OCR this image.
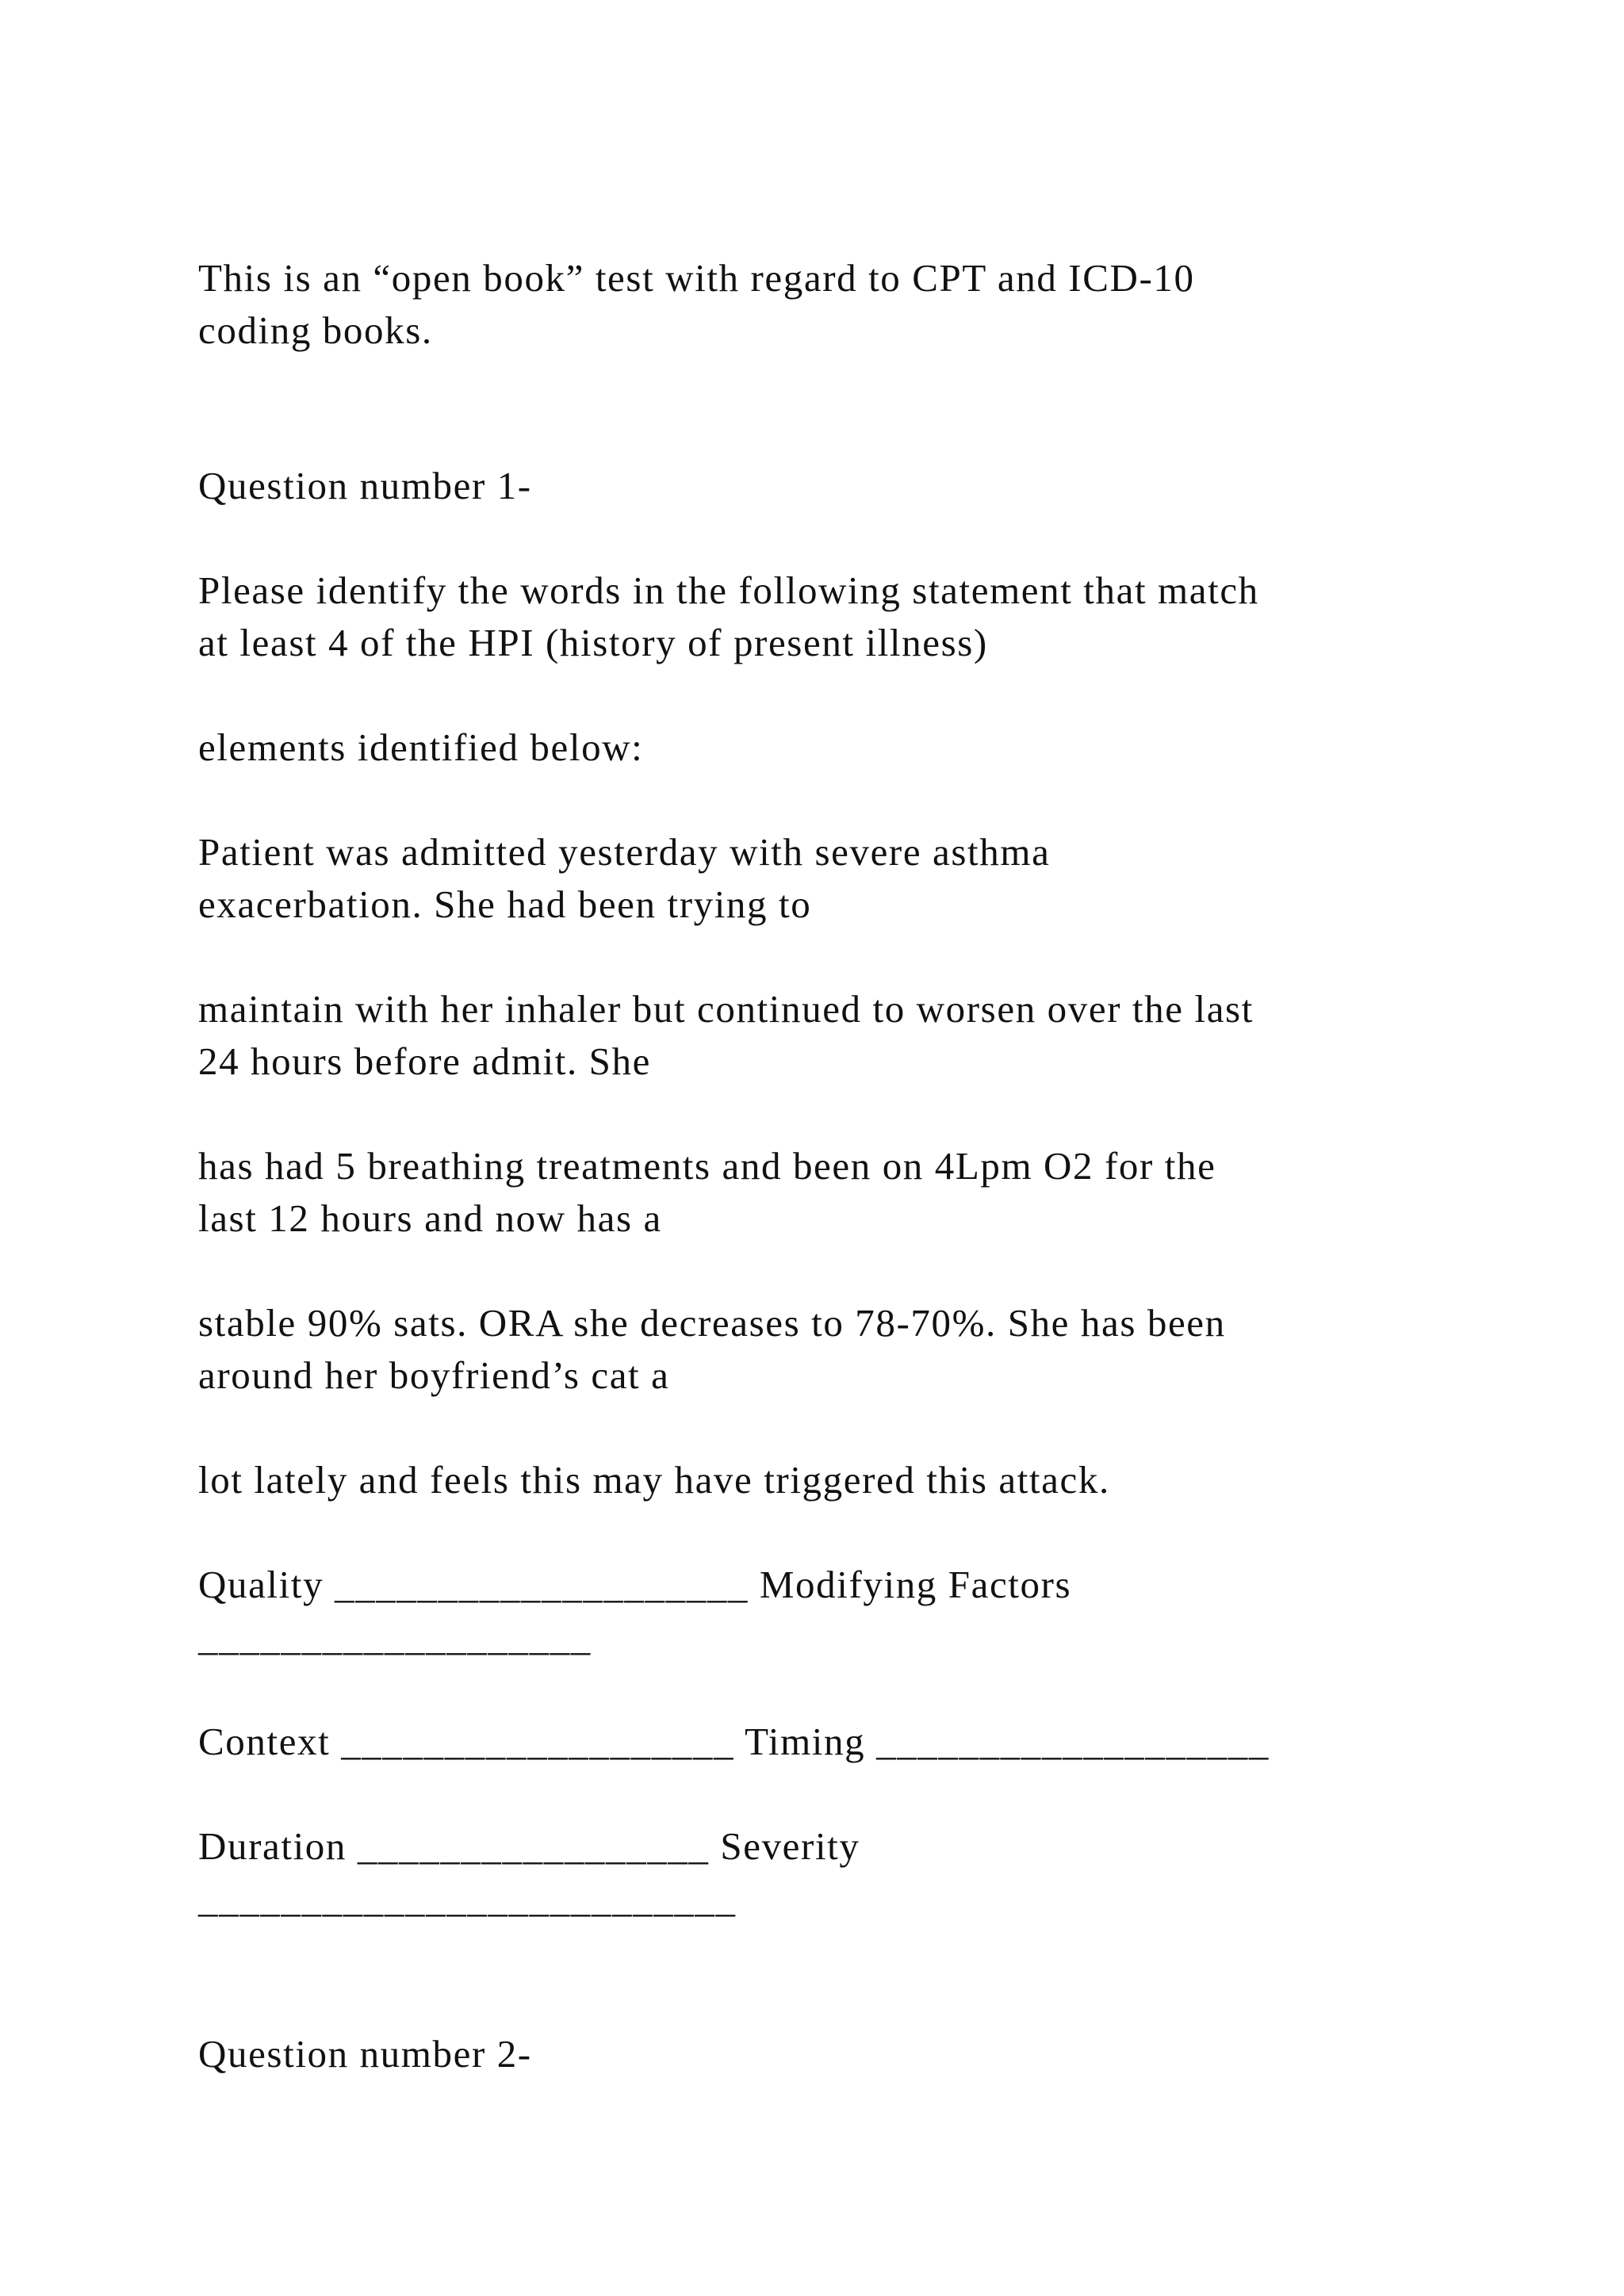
This is an “open book” test with regard to CPT and ICD-10

coding books.

Question number 1-

Please identify the words in the following statement that match

at least 4 of the HPI (history of present illness)

elements identified below:

Patient was admitted yesterday with severe asthma

exacerbation. She had been trying to

maintain with her inhaler but continued to worsen over the last

24 hours before admit. She

has had 5 breathing treatments and been on 4Lpm O2 for the

last 12 hours and now has a

stable 90% sats. ORA she decreases to 78-70%. She has been

around her boyfriend’s cat a

lot lately and feels this may have triggered this attack.

Quality ____________________ Modifying Factors

___________________

Context ___________________ Timing ___________________

Duration _________________ Severity

__________________________

Question number 2-
